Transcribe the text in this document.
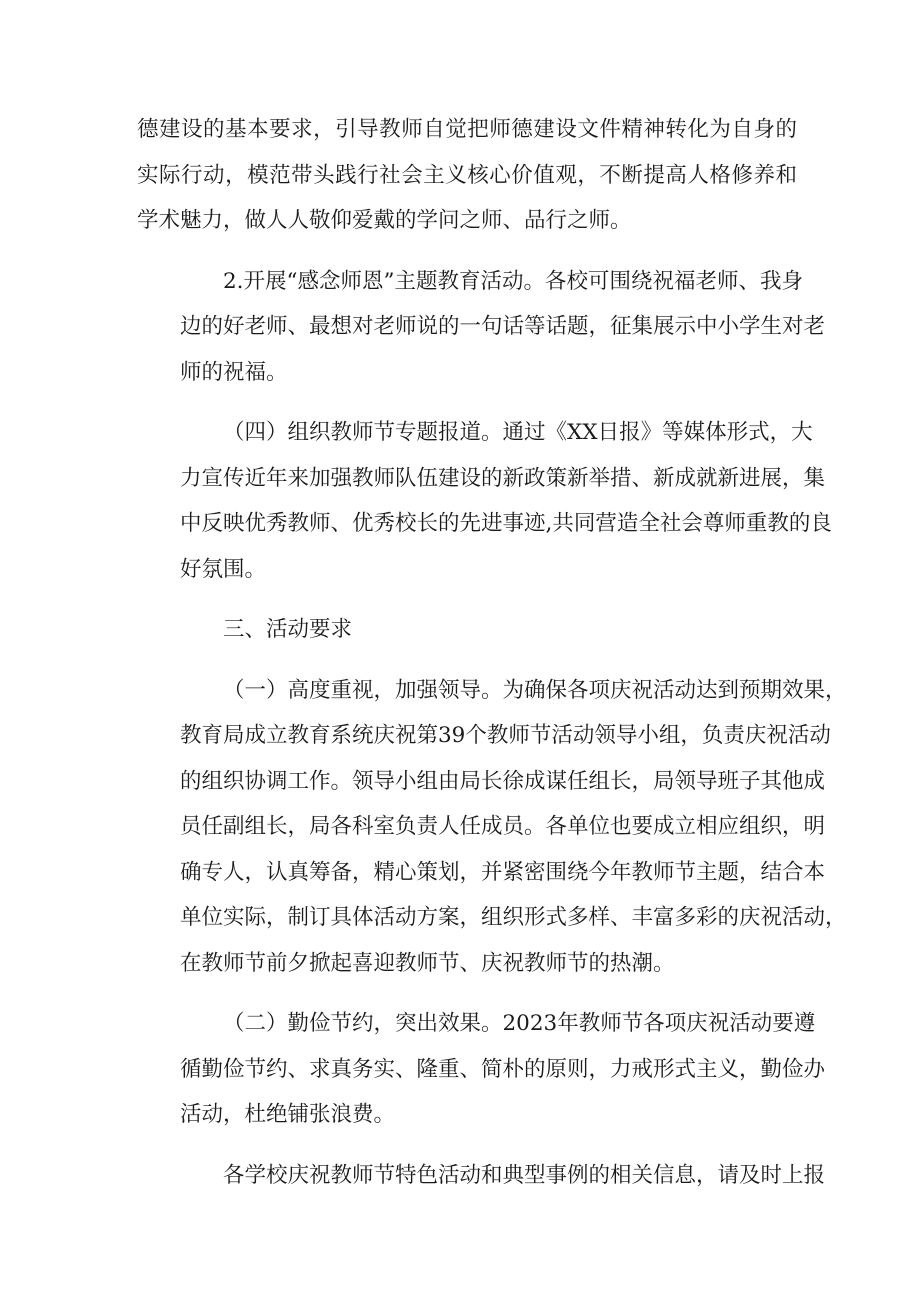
德建设的基本要求，引导教师自觉把师德建设文件精神转化为自身的
实际行动，模范带头践行社会主义核心价值观，不断提高人格修养和
学术魅力，做人人敬仰爱戴的学问之师、品行之师。
2.开展“感念师恩”主题教育活动。各校可围绕祝福老师、我身
边的好老师、最想对老师说的一句话等话题，征集展示中小学生对老
师的祝福。
（四）组织教师节专题报道。通过《XX日报》等媒体形式，大
力宣传近年来加强教师队伍建设的新政策新举措、新成就新进展，集
中反映优秀教师、优秀校长的先进事迹,共同营造全社会尊师重教的良
好氛围。
三、活动要求
（一）高度重视，加强领导。为确保各项庆祝活动达到预期效果，
教育局成立教育系统庆祝第39个教师节活动领导小组，负责庆祝活动
的组织协调工作。领导小组由局长徐成谋任组长，局领导班子其他成
员任副组长，局各科室负责人任成员。各单位也要成立相应组织，明
确专人，认真筹备，精心策划，并紧密围绕今年教师节主题，结合本
单位实际，制订具体活动方案，组织形式多样、丰富多彩的庆祝活动，
在教师节前夕掀起喜迎教师节、庆祝教师节的热潮。
（二）勤俭节约，突出效果。2023年教师节各项庆祝活动要遵
循勤俭节约、求真务实、隆重、简朴的原则，力戒形式主义，勤俭办
活动，杜绝铺张浪费。
各学校庆祝教师节特色活动和典型事例的相关信息，请及时上报
